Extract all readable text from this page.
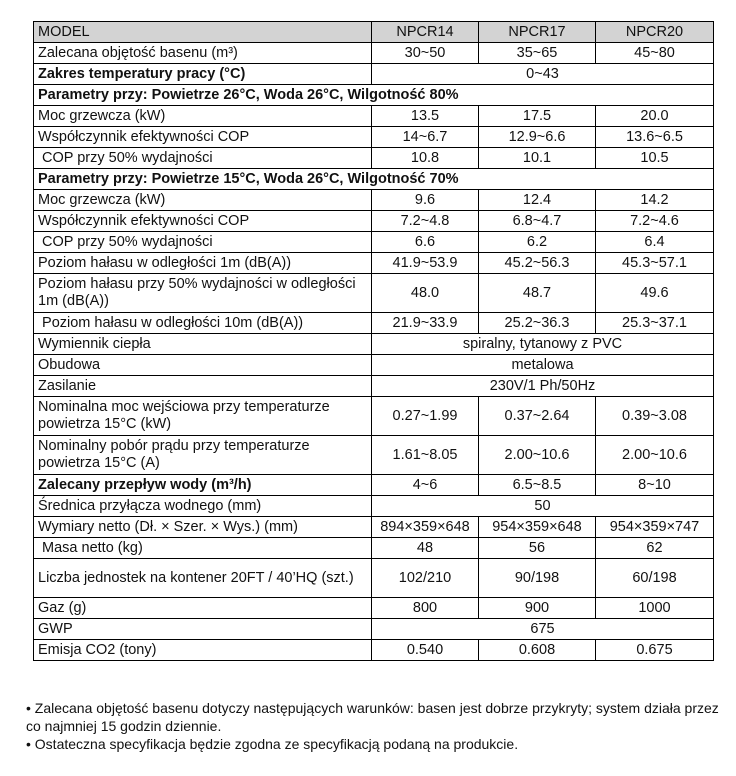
MODEL	NPCR14	NPCR17	NPCR20
Zalecana objętość basenu (m³)	30~50	35~65	45~80
Zakres temperatury pracy (°C)	0~43		
Parametry przy: Powietrze 26°C, Woda 26°C, Wilgotność 80%			
Moc grzewcza (kW)	13.5	17.5	20.0
Współczynnik efektywności COP	14~6.7	12.9~6.6	13.6~6.5
COP przy 50% wydajności	10.8	10.1	10.5
Parametry przy: Powietrze 15°C, Woda 26°C, Wilgotność 70%			
Moc grzewcza (kW)	9.6	12.4	14.2
Współczynnik efektywności COP	7.2~4.8	6.8~4.7	7.2~4.6
COP przy 50% wydajności	6.6	6.2	6.4
Poziom hałasu w odległości 1m (dB(A))	41.9~53.9	45.2~56.3	45.3~57.1
Poziom hałasu przy 50% wydajności w odległości 1m (dB(A))	48.0	48.7	49.6
Poziom hałasu w odległości 10m (dB(A))	21.9~33.9	25.2~36.3	25.3~37.1
Wymiennik ciepła	spiralny, tytanowy z PVC		
Obudowa	metalowa		
Zasilanie	230V/1 Ph/50Hz		
Nominalna moc wejściowa przy temperaturze powietrza 15°C (kW)	0.27~1.99	0.37~2.64	0.39~3.08
Nominalny pobór prądu przy temperaturze powietrza 15°C (A)	1.61~8.05	2.00~10.6	2.00~10.6
Zalecany przepływ wody (m³/h)	4~6	6.5~8.5	8~10
Średnica przyłącza wodnego (mm)	50		
Wymiary netto (Dł. × Szer. × Wys.) (mm)	894×359×648	954×359×648	954×359×747
Masa netto (kg)	48	56	62
Liczba jednostek na kontener 20FT / 40’HQ (szt.)	102/210	90/198	60/198
Gaz (g)	800	900	1000
GWP	675		
Emisja CO2 (tony)	0.540	0.608	0.675

• Zalecana objętość basenu dotyczy następujących warunków: basen jest dobrze przykryty; system działa przez co najmniej 15 godzin dziennie.

• Ostateczna specyfikacja będzie zgodna ze specyfikacją podaną na produkcie.
